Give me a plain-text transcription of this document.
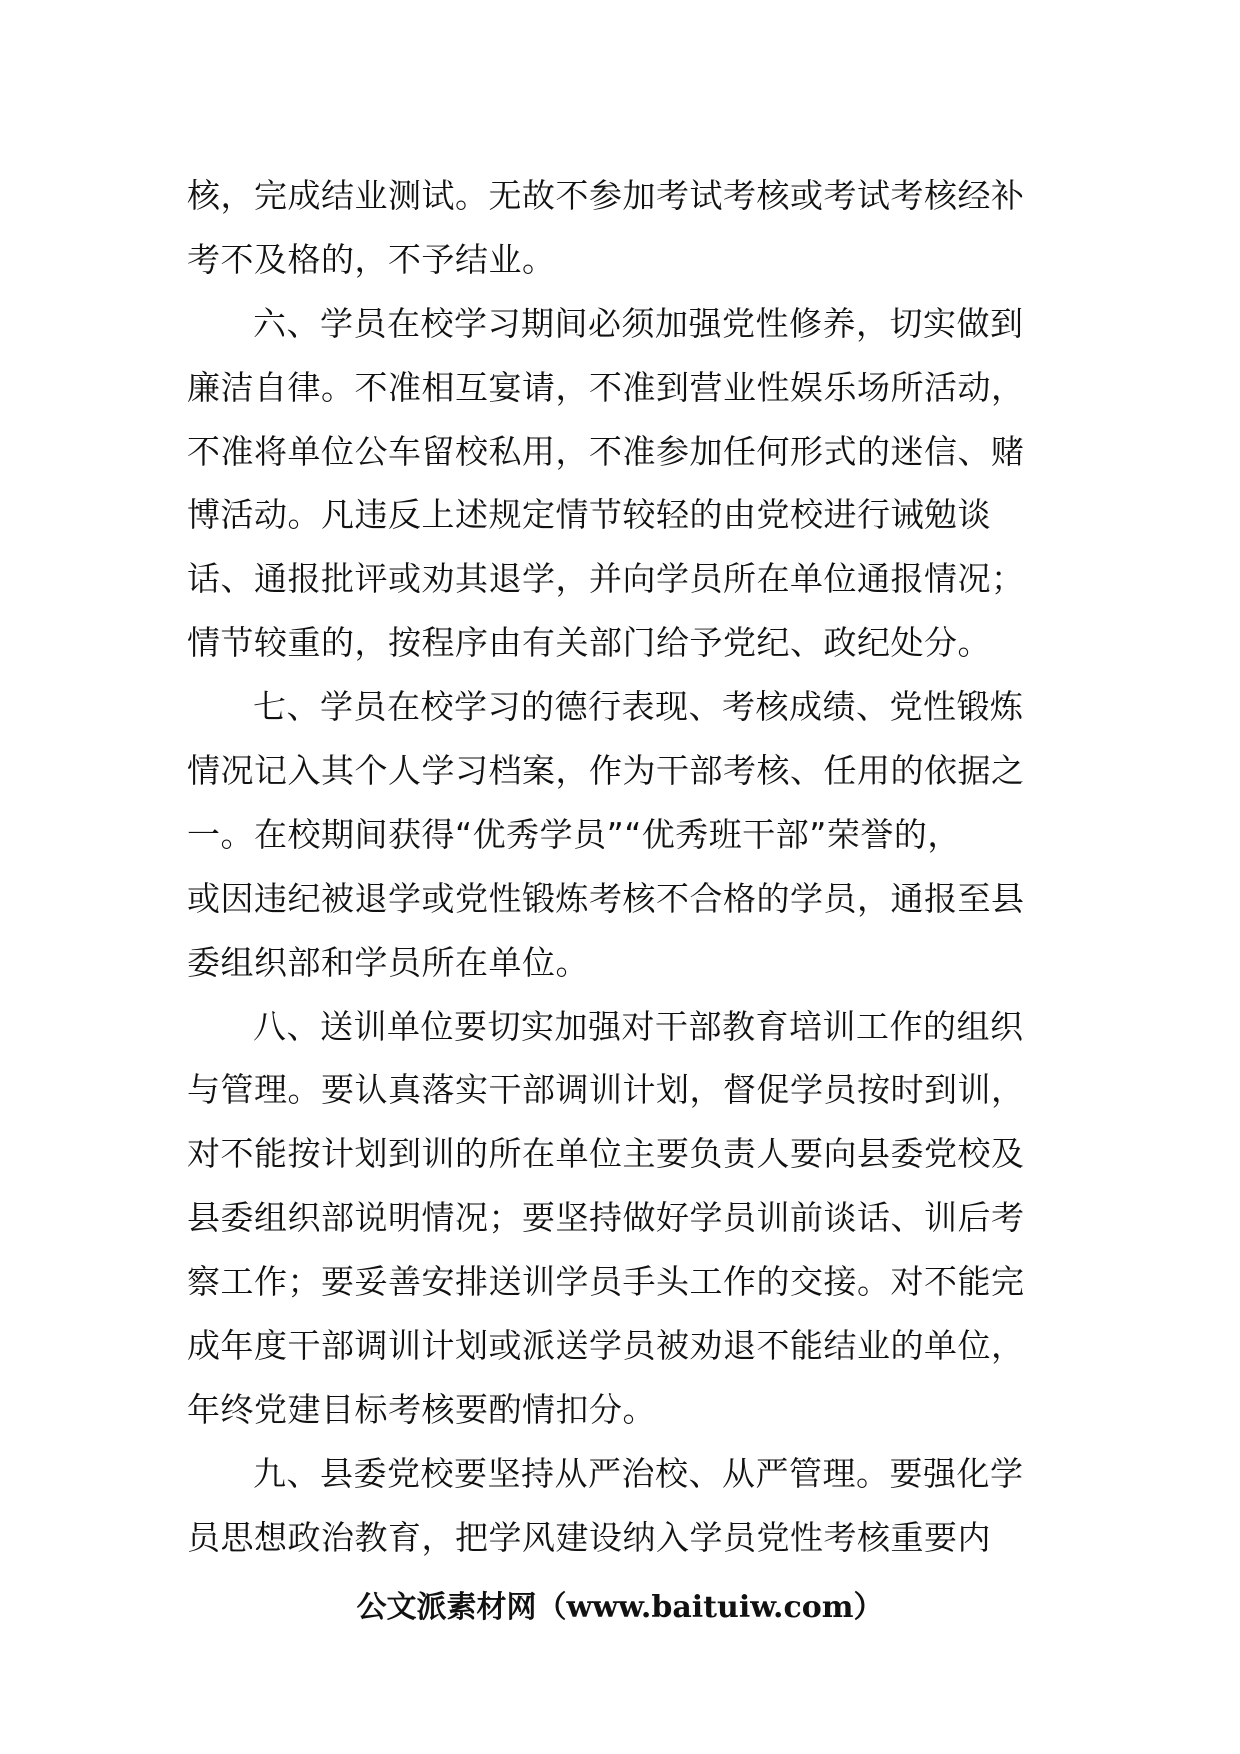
核，完成结业测试。无故不参加考试考核或考试考核经补
考不及格的，不予结业。
六、学员在校学习期间必须加强党性修养，切实做到
廉洁自律。不准相互宴请，不准到营业性娱乐场所活动，
不准将单位公车留校私用，不准参加任何形式的迷信、赌
博活动。凡违反上述规定情节较轻的由党校进行诫勉谈
话、通报批评或劝其退学，并向学员所在单位通报情况；
情节较重的，按程序由有关部门给予党纪、政纪处分。
七、学员在校学习的德行表现、考核成绩、党性锻炼
情况记入其个人学习档案，作为干部考核、任用的依据之
一。在校期间获得“优秀学员”“优秀班干部”荣誉的，
或因违纪被退学或党性锻炼考核不合格的学员，通报至县
委组织部和学员所在单位。
八、送训单位要切实加强对干部教育培训工作的组织
与管理。要认真落实干部调训计划，督促学员按时到训，
对不能按计划到训的所在单位主要负责人要向县委党校及
县委组织部说明情况；要坚持做好学员训前谈话、训后考
察工作；要妥善安排送训学员手头工作的交接。对不能完
成年度干部调训计划或派送学员被劝退不能结业的单位，
年终党建目标考核要酌情扣分。
九、县委党校要坚持从严治校、从严管理。要强化学
员思想政治教育，把学风建设纳入学员党性考核重要内
公文派素材网（www.baituiw.com）
